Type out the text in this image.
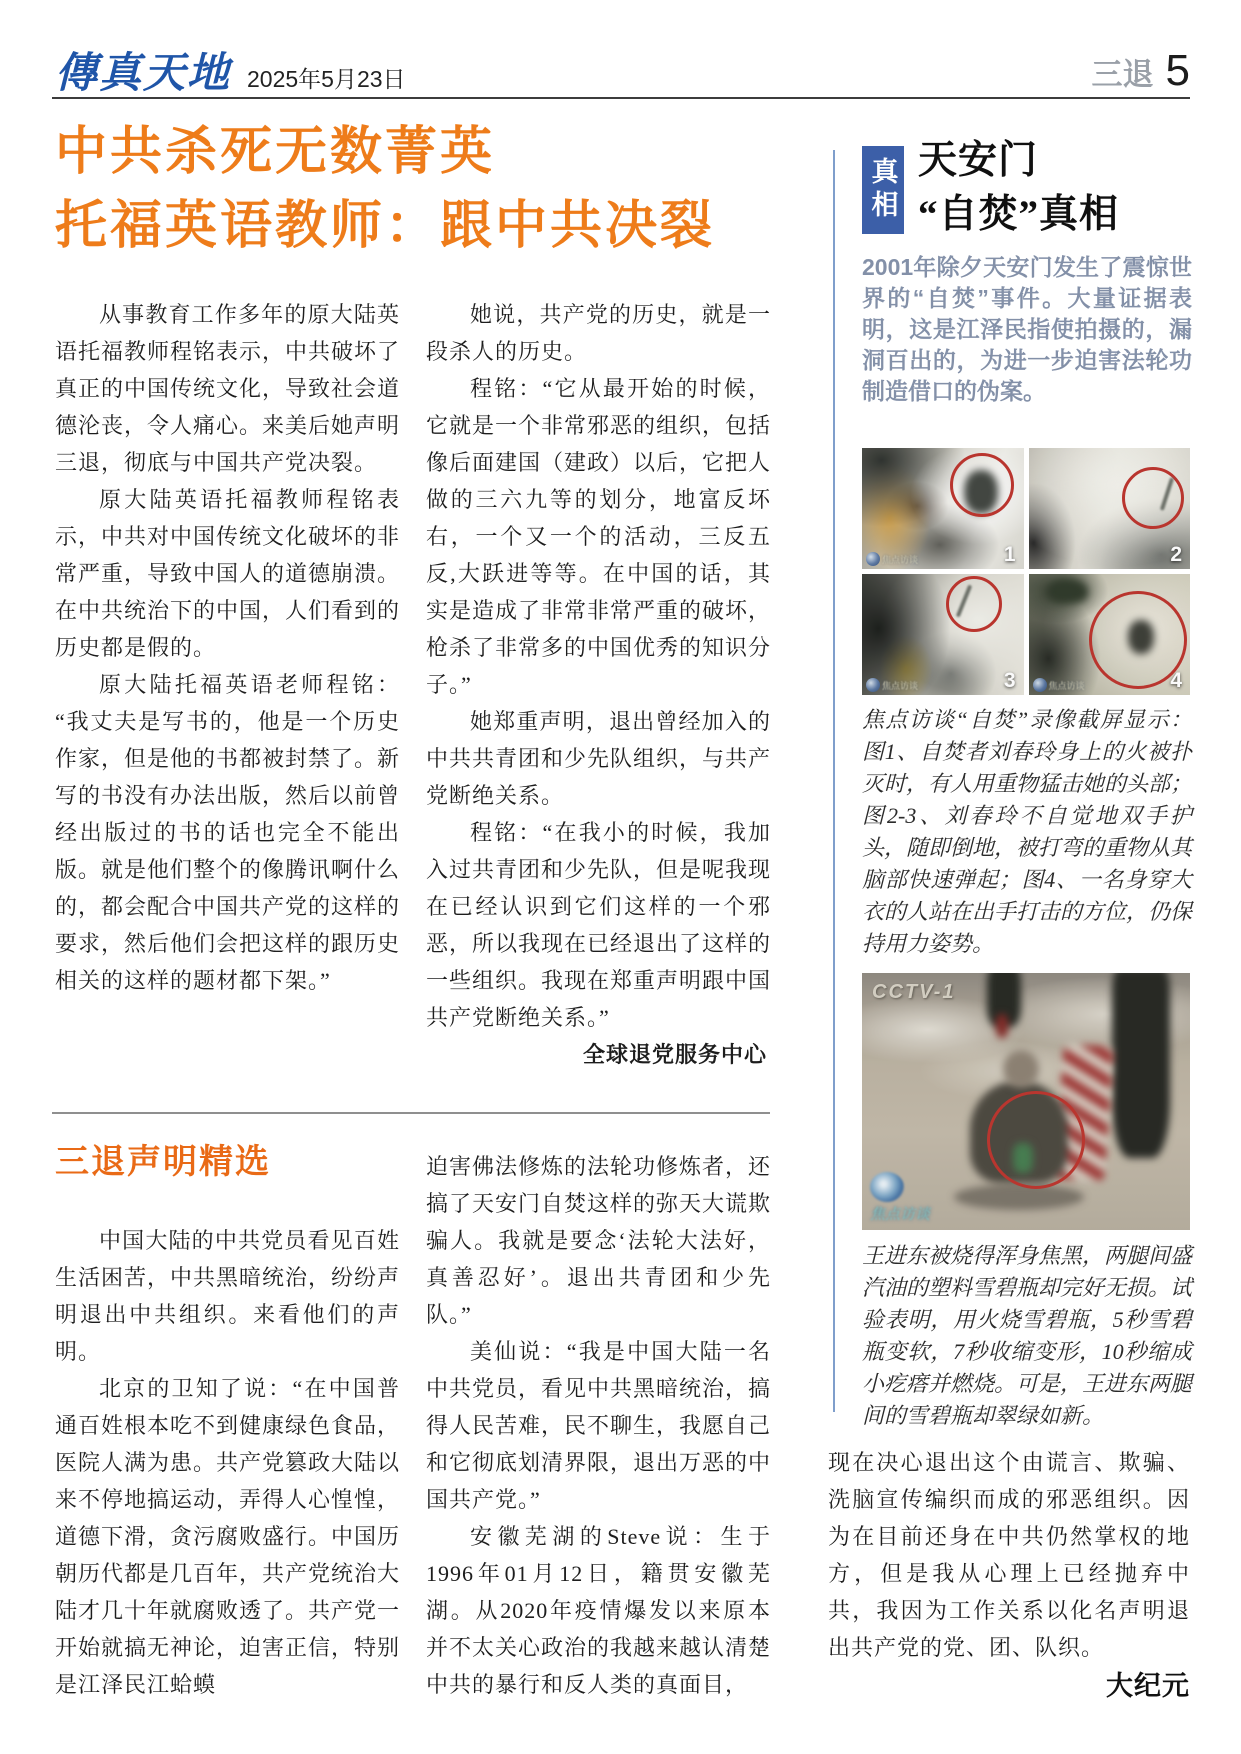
傳真天地 2025年5月23日	三退 5
中共杀死无数菁英
托福英语教师：跟中共决裂

从事教育工作多年的原大陆英语托福教师程铭表示，中共破坏了真正的中国传统文化，导致社会道德沦丧，令人痛心。来美后她声明三退，彻底与中国共产党决裂。

原大陆英语托福教师程铭表示，中共对中国传统文化破坏的非常严重，导致中国人的道德崩溃。在中共统治下的中国，人们看到的历史都是假的。

原大陆托福英语老师程铭：“我丈夫是写书的，他是一个历史作家，但是他的书都被封禁了。新写的书没有办法出版，然后以前曾经出版过的书的话也完全不能出版。就是他们整个的像腾讯啊什么的，都会配合中国共产党的这样的要求，然后他们会把这样的跟历史相关的这样的题材都下架。”

她说，共产党的历史，就是一段杀人的历史。

程铭：“它从最开始的时候，它就是一个非常邪恶的组织，包括像后面建国（建政）以后，它把人做的三六九等的划分，地富反坏右，一个又一个的活动，三反五反,大跃进等等。在中国的话，其实是造成了非常非常严重的破坏，枪杀了非常多的中国优秀的知识分子。”

她郑重声明，退出曾经加入的中共共青团和少先队组织，与共产党断绝关系。

程铭：“在我小的时候，我加入过共青团和少先队，但是呢我现在已经认识到它们这样的一个邪恶，所以我现在已经退出了这样的一些组织。我现在郑重声明跟中国共产党断绝关系。”

全球退党服务中心

三退声明精选

中国大陆的中共党员看见百姓生活困苦，中共黑暗统治，纷纷声明退出中共组织。来看他们的声明。

北京的卫知了说：“在中国普通百姓根本吃不到健康绿色食品，医院人满为患。共产党篡政大陆以来不停地搞运动，弄得人心惶惶，道德下滑，贪污腐败盛行。中国历朝历代都是几百年，共产党统治大陆才几十年就腐败透了。共产党一开始就搞无神论，迫害正信，特别是江泽民江蛤蟆

迫害佛法修炼的法轮功修炼者，还搞了天安门自焚这样的弥天大谎欺骗人。我就是要念‘法轮大法好，真善忍好’。退出共青团和少先队。”

美仙说：“我是中国大陆一名中共党员，看见中共黑暗统治，搞得人民苦难，民不聊生，我愿自己和它彻底划清界限，退出万恶的中国共产党。”

安徽芜湖的Steve说：生于1996年01月12日，籍贯安徽芜湖。从2020年疫情爆发以来原本并不太关心政治的我越来越认清楚中共的暴行和反人类的真面目，

真相 天安门
“自焚”真相
2001年除夕天安门发生了震惊世界的“自焚”事件。大量证据表明，这是江泽民指使拍摄的，漏洞百出的，为进一步迫害法轮功制造借口的伪案。
焦点访谈	1	2
焦点访谈	3	焦点访谈	4
焦点访谈“自焚”录像截屏显示：图1、自焚者刘春玲身上的火被扑灭时，有人用重物猛击她的头部；图2-3、刘春玲不自觉地双手护头，随即倒地，被打弯的重物从其脑部快速弹起；图4、一名身穿大衣的人站在出手打击的方位，仍保持用力姿势。
CCTV-1
焦点访谈
王进东被烧得浑身焦黑，两腿间盛汽油的塑料雪碧瓶却完好无损。试验表明，用火烧雪碧瓶，5秒雪碧瓶变软，7秒收缩变形，10秒缩成小疙瘩并燃烧。可是，王进东两腿间的雪碧瓶却翠绿如新。

现在决心退出这个由谎言、欺骗、洗脑宣传编织而成的邪恶组织。因为在目前还身在中共仍然掌权的地方，但是我从心理上已经抛弃中共，我因为工作关系以化名声明退出共产党的党、团、队织。

大纪元
